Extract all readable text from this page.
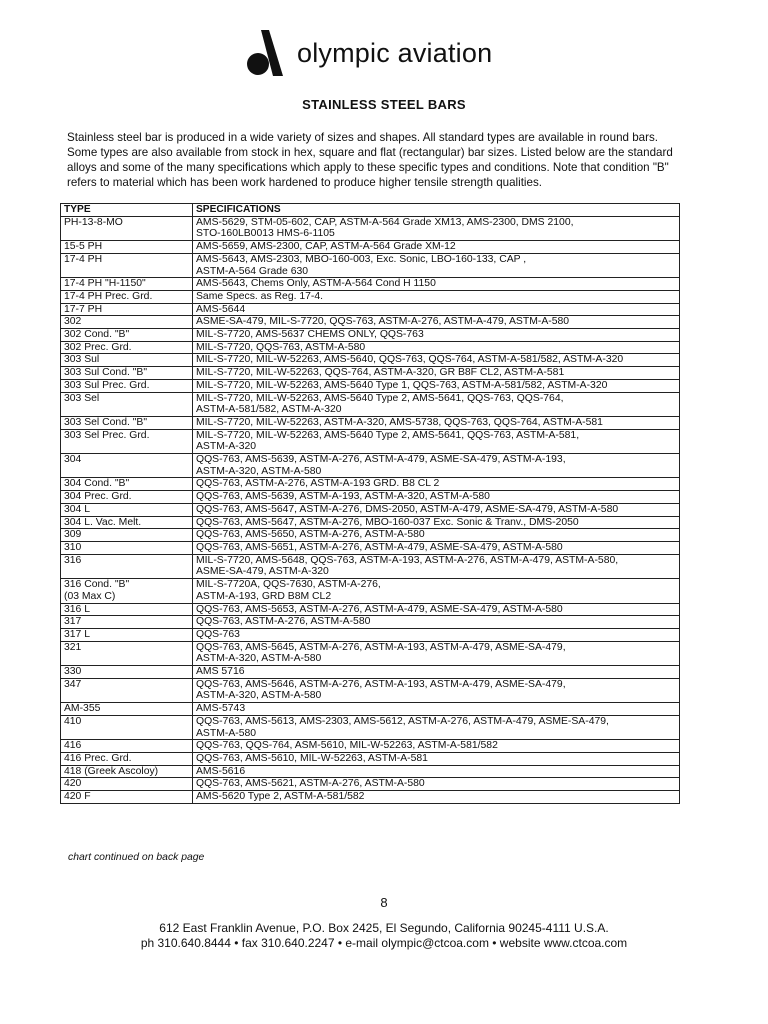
olympic aviation
STAINLESS STEEL BARS
Stainless steel bar is produced in a wide variety of sizes and shapes. All standard types are available in round bars. Some types are also available from stock in hex, square and flat (rectangular) bar sizes. Listed below are the standard alloys and some of the many specifications which apply to these specific types and conditions. Note that condition "B" refers to material which has been work hardened to produce higher tensile strength qualities.
TYPE	SPECIFICATIONS
PH-13-8-MO	AMS-5629, STM-05-602, CAP, ASTM-A-564 Grade XM13, AMS-2300, DMS 2100,
STO-160LB0013 HMS-6-1105
15-5 PH	AMS-5659, AMS-2300, CAP, ASTM-A-564 Grade XM-12
17-4 PH	AMS-5643, AMS-2303, MBO-160-003, Exc. Sonic, LBO-160-133, CAP ,
ASTM-A-564 Grade 630
17-4 PH "H-1150"	AMS-5643, Chems Only, ASTM-A-564 Cond H 1150
17-4 PH Prec. Grd.	Same Specs. as Reg. 17-4.
17-7 PH	AMS-5644
302	ASME-SA-479, MIL-S-7720, QQS-763, ASTM-A-276, ASTM-A-479, ASTM-A-580
302 Cond. "B"	MIL-S-7720, AMS-5637 CHEMS ONLY, QQS-763
302 Prec. Grd.	MIL-S-7720, QQS-763, ASTM-A-580
303 Sul	MIL-S-7720, MIL-W-52263, AMS-5640, QQS-763, QQS-764, ASTM-A-581/582, ASTM-A-320
303 Sul Cond. "B"	MIL-S-7720, MIL-W-52263, QQS-764, ASTM-A-320, GR B8F CL2, ASTM-A-581
303 Sul Prec. Grd.	MIL-S-7720, MIL-W-52263, AMS-5640 Type 1, QQS-763, ASTM-A-581/582, ASTM-A-320
303 Sel	MIL-S-7720, MIL-W-52263, AMS-5640 Type 2, AMS-5641, QQS-763, QQS-764,
ASTM-A-581/582, ASTM-A-320
303 Sel Cond. "B"	MIL-S-7720, MIL-W-52263, ASTM-A-320, AMS-5738, QQS-763, QQS-764, ASTM-A-581
303 Sel Prec. Grd.	MIL-S-7720, MIL-W-52263, AMS-5640 Type 2, AMS-5641, QQS-763, ASTM-A-581,
ASTM-A-320
304	QQS-763, AMS-5639, ASTM-A-276, ASTM-A-479, ASME-SA-479, ASTM-A-193,
ASTM-A-320, ASTM-A-580
304 Cond. "B"	QQS-763, ASTM-A-276, ASTM-A-193 GRD. B8 CL 2
304 Prec. Grd.	QQS-763, AMS-5639, ASTM-A-193, ASTM-A-320, ASTM-A-580
304 L	QQS-763, AMS-5647, ASTM-A-276, DMS-2050, ASTM-A-479, ASME-SA-479, ASTM-A-580
304 L. Vac. Melt.	QQS-763, AMS-5647, ASTM-A-276, MBO-160-037 Exc. Sonic & Tranv., DMS-2050
309	QQS-763, AMS-5650, ASTM-A-276, ASTM-A-580
310	QQS-763, AMS-5651, ASTM-A-276, ASTM-A-479, ASME-SA-479, ASTM-A-580
316	MIL-S-7720, AMS-5648, QQS-763, ASTM-A-193, ASTM-A-276, ASTM-A-479, ASTM-A-580,
ASME-SA-479, ASTM-A-320
316 Cond. "B"
(03 Max C)	MIL-S-7720A, QQS-7630, ASTM-A-276,
ASTM-A-193, GRD B8M CL2
316 L	QQS-763, AMS-5653, ASTM-A-276, ASTM-A-479, ASME-SA-479, ASTM-A-580
317	QQS-763, ASTM-A-276, ASTM-A-580
317 L	QQS-763
321	QQS-763, AMS-5645, ASTM-A-276, ASTM-A-193, ASTM-A-479, ASME-SA-479,
ASTM-A-320, ASTM-A-580
330	AMS 5716
347	QQS-763, AMS-5646, ASTM-A-276, ASTM-A-193, ASTM-A-479, ASME-SA-479,
ASTM-A-320, ASTM-A-580
AM-355	AMS-5743
410	QQS-763, AMS-5613, AMS-2303, AMS-5612, ASTM-A-276, ASTM-A-479, ASME-SA-479,
ASTM-A-580
416	QQS-763, QQS-764, ASM-5610, MIL-W-52263, ASTM-A-581/582
416 Prec. Grd.	QQS-763, AMS-5610, MIL-W-52263, ASTM-A-581
418 (Greek Ascoloy)	AMS-5616
420	QQS-763, AMS-5621, ASTM-A-276, ASTM-A-580
420 F	AMS-5620 Type 2, ASTM-A-581/582
chart continued on back page
8
612 East Franklin Avenue, P.O. Box 2425, El Segundo, California 90245-4111 U.S.A.
ph 310.640.8444 • fax 310.640.2247 • e-mail olympic@ctcoa.com • website www.ctcoa.com
